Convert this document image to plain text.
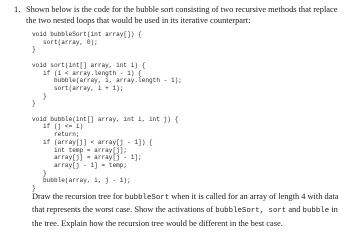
1. Shown below is the code for the bubble sort consisting of two recursive methods that replace the two nested loops that would be used in its iterative counterpart:
void bubbleSort(int array[]) {
sort(array, 0);
}

void sort(int[] array, int i) {
if (i < array.length - 1) {
bubble(array, i, array.length - 1);
sort(array, i + 1);
}
}

void bubble(int[] array, int i, int j) {
if (j <= i)
return;
if (array[j] < array[j - 1]) {
int temp = array[j];
array[j] = array[j - 1];
array[j - 1] = temp;
}
bubble(array, i, j - 1);
}
Draw the recursion tree for bubbleSort when it is called for an array of length 4 with data that represents the worst case. Show the activations of bubbleSort, sort and bubble in the tree. Explain how the recursion tree would be different in the best case.
